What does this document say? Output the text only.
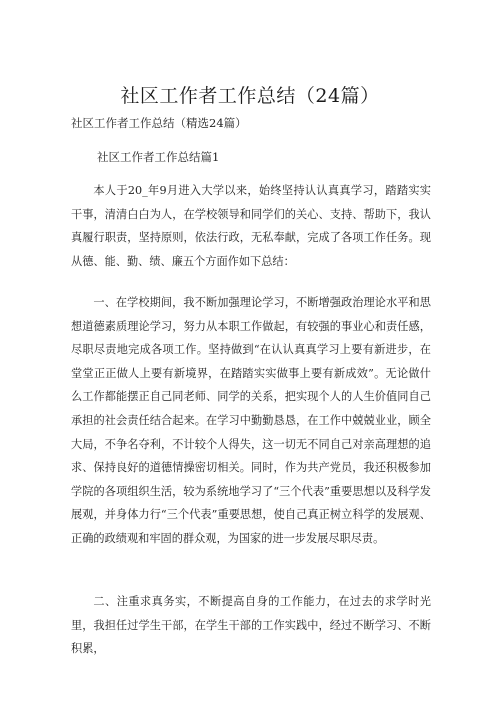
社区工作者工作总结（24篇）
社区工作者工作总结（精选24篇）
社区工作者工作总结篇1

本人于20_年9月进入大学以来，始终坚持认认真真学习，踏踏实实干事，清清白白为人，在学校领导和同学们的关心、支持、帮助下，我认真履行职责，坚持原则，依法行政，无私奉献，完成了各项工作任务。现从德、能、勤、绩、廉五个方面作如下总结：

一、在学校期间，我不断加强理论学习，不断增强政治理论水平和思想道德素质理论学习，努力从本职工作做起，有较强的事业心和责任感，尽职尽责地完成各项工作。坚持做到“在认认真真学习上要有新进步，在堂堂正正做人上要有新境界，在踏踏实实做事上要有新成效”。无论做什么工作都能摆正自己同老师、同学的关系，把实现个人的人生价值同自己承担的社会责任结合起来。在学习中勤勤恳恳，在工作中兢兢业业，顾全大局，不争名夺利，不计较个人得失，这一切无不同自己对亲高理想的追求、保持良好的道德情操密切相关。同时，作为共产党员，我还积极参加学院的各项组织生活，较为系统地学习了“三个代表”重要思想以及科学发展观，并身体力行“三个代表”重要思想，使自己真正树立科学的发展观、正确的政绩观和牢固的群众观，为国家的进一步发展尽职尽责。

二、注重求真务实，不断提高自身的工作能力，在过去的求学时光里，我担任过学生干部，在学生干部的工作实践中，经过不断学习、不断积累，
